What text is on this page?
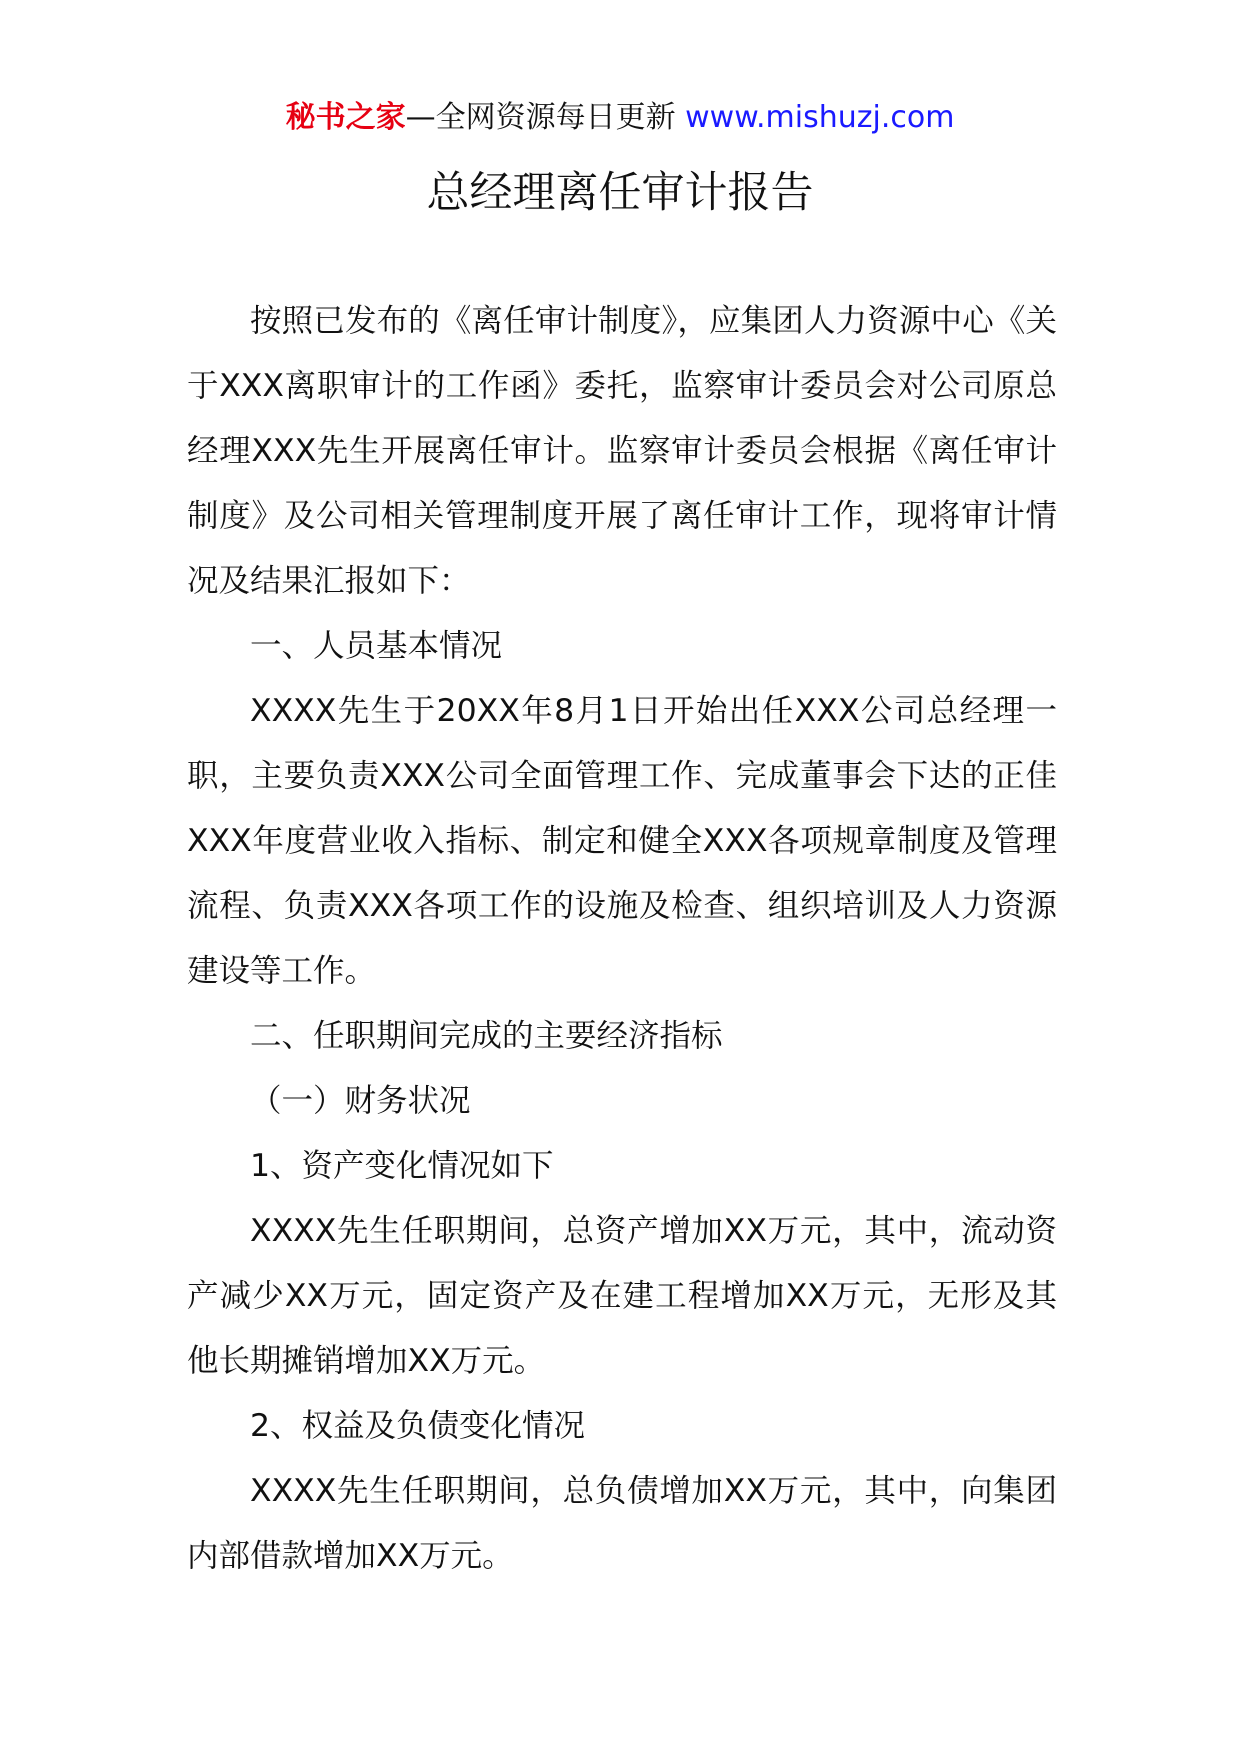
秘书之家—全网资源每日更新 www.mishuzj.com
总经理离任审计报告

按照已发布的《离任审计制度》，应集团人力资源中心《关于XXX离职审计的工作函》委托，监察审计委员会对公司原总经理XXX先生开展离任审计。监察审计委员会根据《离任审计制度》及公司相关管理制度开展了离任审计工作，现将审计情况及结果汇报如下：

一、人员基本情况

XXXX先生于20XX年8月1日开始出任XXX公司总经理一职，主要负责XXX公司全面管理工作、完成董事会下达的正佳XXX年度营业收入指标、制定和健全XXX各项规章制度及管理流程、负责XXX各项工作的设施及检查、组织培训及人力资源建设等工作。

二、任职期间完成的主要经济指标

（一）财务状况

1、资产变化情况如下

XXXX先生任职期间，总资产增加XX万元，其中，流动资产减少XX万元，固定资产及在建工程增加XX万元，无形及其他长期摊销增加XX万元。

2、权益及负债变化情况

XXXX先生任职期间，总负债增加XX万元，其中，向集团内部借款增加XX万元。
